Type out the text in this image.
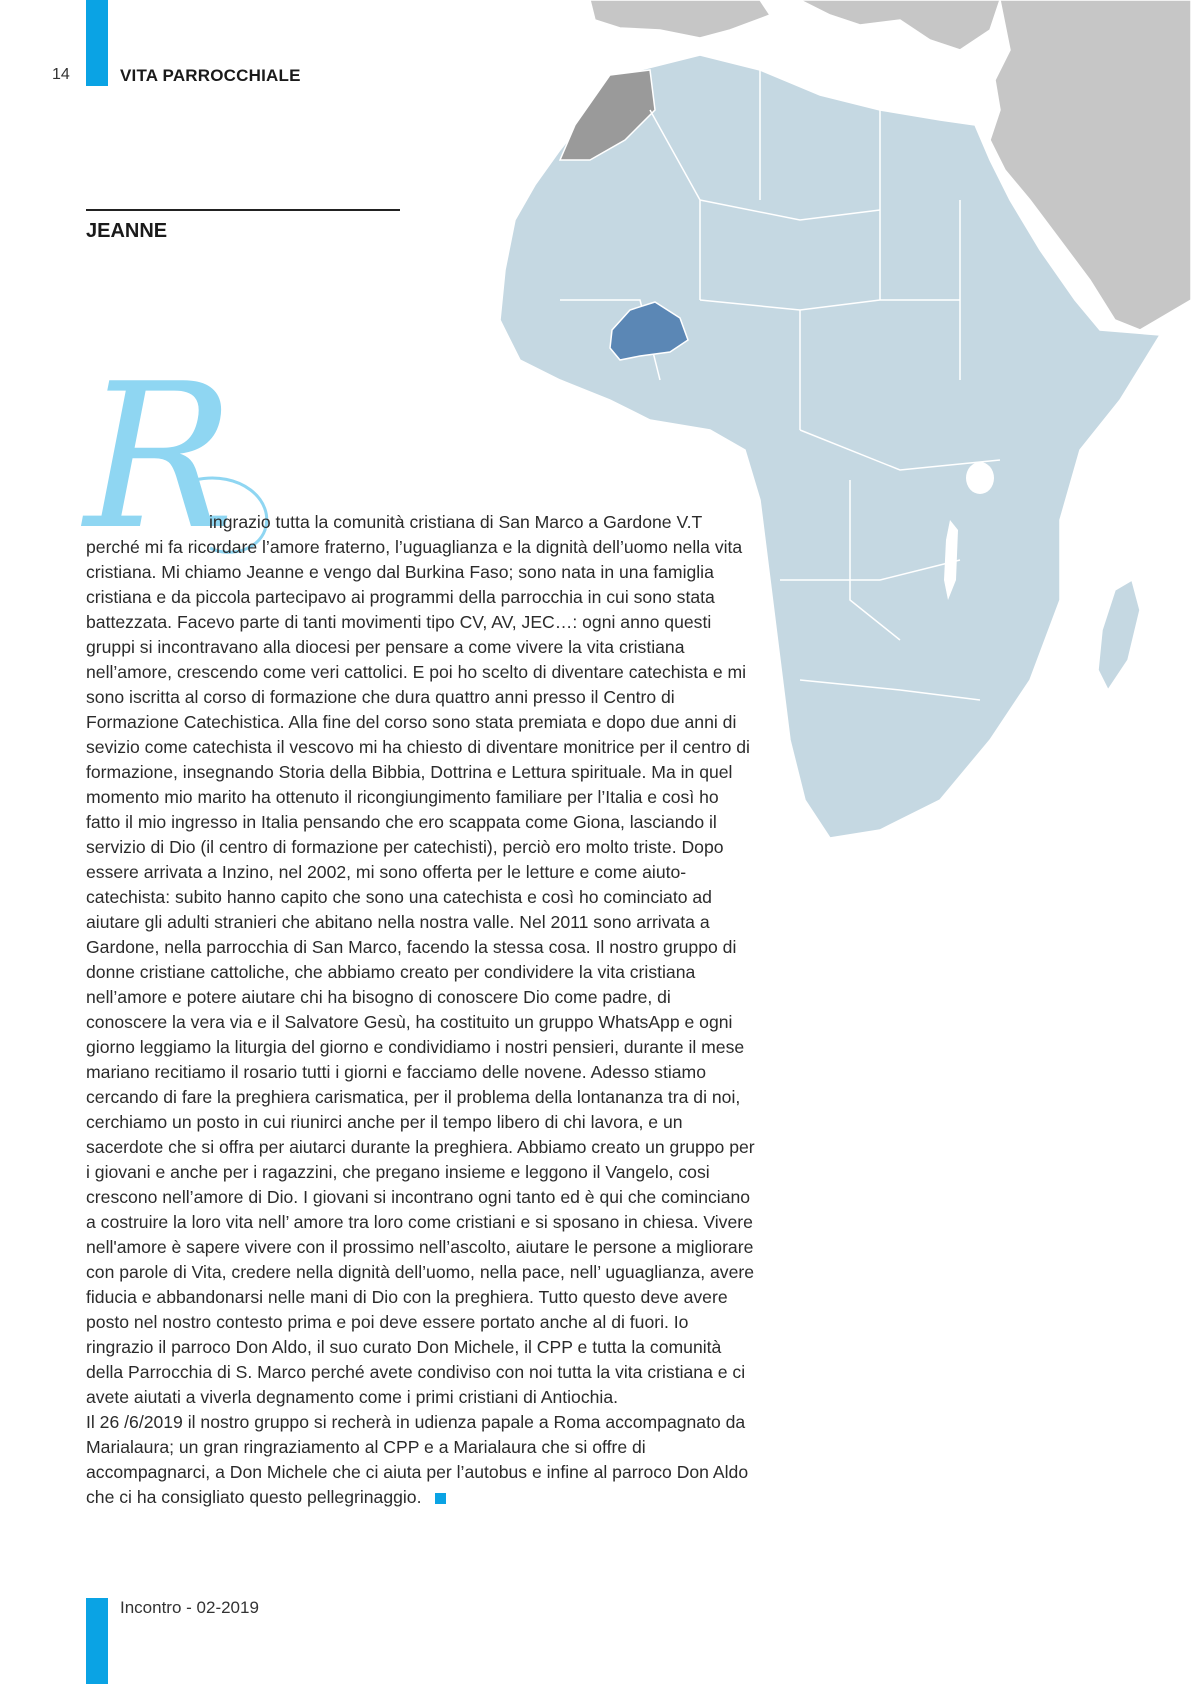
14	VITA PARROCCHIALE
JEANNE
R

ingrazio tutta la comunità cristiana di San Marco a Gardone V.T

perché mi fa ricordare l’amore fraterno, l’uguaglianza e la dignità dell’uomo nella vita cristiana. Mi chiamo Jeanne e vengo dal Burkina Faso; sono nata in una famiglia cristiana e da piccola partecipavo ai programmi della parrocchia in cui sono stata battezzata. Facevo parte di tanti movimenti tipo CV, AV, JEC…: ogni anno questi gruppi si incontravano alla diocesi per pensare a come vivere la vita cristiana nell’amore, crescendo come veri cattolici. E poi ho scelto di diventare catechista e mi sono iscritta al corso di formazione che dura quattro anni presso il Centro di Formazione Catechistica. Alla fine del corso sono stata premiata e dopo due anni di sevizio come catechista il vescovo mi ha chiesto di diventare monitrice per il centro di formazione, insegnando Storia della Bibbia, Dottrina e Lettura spirituale. Ma in quel momento mio marito ha ottenuto il ricongiungimento familiare per l’Italia e così ho fatto il mio ingresso in Italia pensando che ero scappata come Giona, lasciando il servizio di Dio (il centro di formazione per catechisti), perciò ero molto triste. Dopo essere arrivata a Inzino, nel 2002, mi sono offerta per le letture e come aiuto-catechista: subito hanno capito che sono una catechista e così ho cominciato ad aiutare gli adulti stranieri che abitano nella nostra valle. Nel 2011 sono arrivata a Gardone, nella parrocchia di San Marco, facendo la stessa cosa. Il nostro gruppo di donne cristiane cattoliche, che abbiamo creato per condividere la vita cristiana nell’amore e potere aiutare chi ha bisogno di conoscere Dio come padre, di conoscere la vera via e il Salvatore Gesù, ha costituito un gruppo WhatsApp e ogni giorno leggiamo la liturgia del giorno e condividiamo i nostri pensieri, durante il mese mariano recitiamo il rosario tutti i giorni e facciamo delle novene. Adesso stiamo cercando di fare la preghiera carismatica, per il problema della lontananza tra di noi, cerchiamo un posto in cui riunirci anche per il tempo libero di chi lavora, e un sacerdote che si offra per aiutarci durante la preghiera. Abbiamo creato un gruppo per i giovani e anche per i ragazzini, che pregano insieme e leggono il Vangelo, cosi crescono nell’amore di Dio. I giovani si incontrano ogni tanto ed è qui che cominciano a costruire la loro vita nell’ amore tra loro come cristiani e si sposano in chiesa. Vivere nell'amore è sapere vivere con il prossimo nell’ascolto, aiutare le persone a migliorare con parole di Vita, credere nella dignità dell’uomo, nella pace, nell’ uguaglianza, avere fiducia e abbandonarsi nelle mani di Dio con la preghiera. Tutto questo deve avere posto nel nostro contesto prima e poi deve essere portato anche al di fuori. Io ringrazio il parroco Don Aldo, il suo curato Don Michele, il CPP e tutta la comunità della Parrocchia di S. Marco perché avete condiviso con noi tutta la vita cristiana e ci avete aiutati a viverla degnamento come i primi cristiani di Antiochia.

Il 26 /6/2019 il nostro gruppo si recherà in udienza papale a Roma accompagnato da Marialaura; un gran ringraziamento al CPP e a Marialaura che si offre di accompagnarci, a Don Michele che ci aiuta per l’autobus e infine al parroco Don Aldo che ci ha consigliato questo pellegrinaggio.

Incontro - 02-2019
